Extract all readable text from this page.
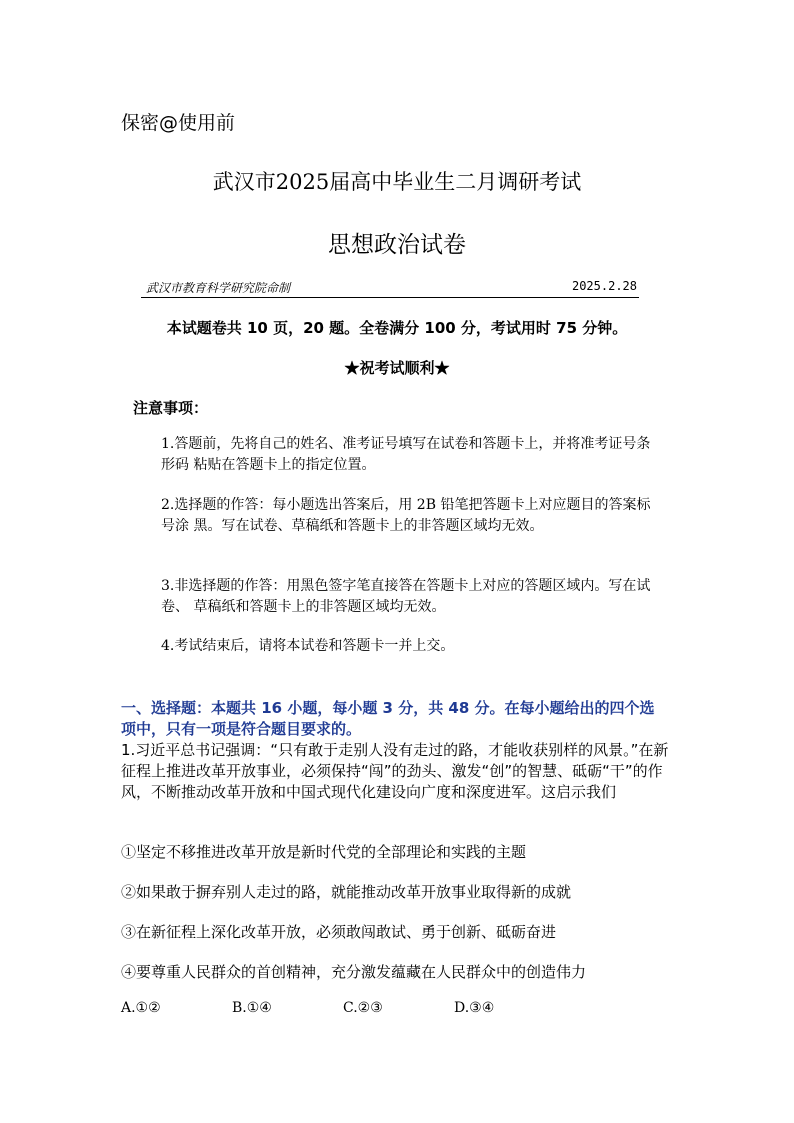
保密@使用前
武汉市2025届高中毕业生二月调研考试
思想政治试卷
武汉市教育科学研究院命制	2025.2.28
本试题卷共 10 页，20 题。全卷满分 100 分，考试用时 75 分钟。
★祝考试顺利★
注意事项：
1.答题前，先将自己的姓名、准考证号填写在试卷和答题卡上，并将准考证号条形码 粘贴在答题卡上的指定位置。
2.选择题的作答：每小题选出答案后，用 2B 铅笔把答题卡上对应题目的答案标号涂 黑。写在试卷、草稿纸和答题卡上的非答题区域均无效。
3.非选择题的作答：用黑色签字笔直接答在答题卡上对应的答题区域内。写在试卷、 草稿纸和答题卡上的非答题区域均无效。
4.考试结束后，请将本试卷和答题卡一并上交。
一、选择题：本题共 16 小题，每小题 3 分，共 48 分。在每小题给出的四个选项中，只有一项是符合题目要求的。
1.习近平总书记强调：“只有敢于走别人没有走过的路，才能收获别样的风景。”在新征程上推进改革开放事业，必须保持“闯”的劲头、激发“创”的智慧、砥砺“干”的作风，不断推动改革开放和中国式现代化建设向广度和深度进军。这启示我们
①坚定不移推进改革开放是新时代党的全部理论和实践的主题
②如果敢于摒弃别人走过的路，就能推动改革开放事业取得新的成就
③在新征程上深化改革开放，必须敢闯敢试、勇于创新、砥砺奋进
④要尊重人民群众的首创精神，充分激发蕴藏在人民群众中的创造伟力
A.①②	B.①④	C.②③	D.③④
